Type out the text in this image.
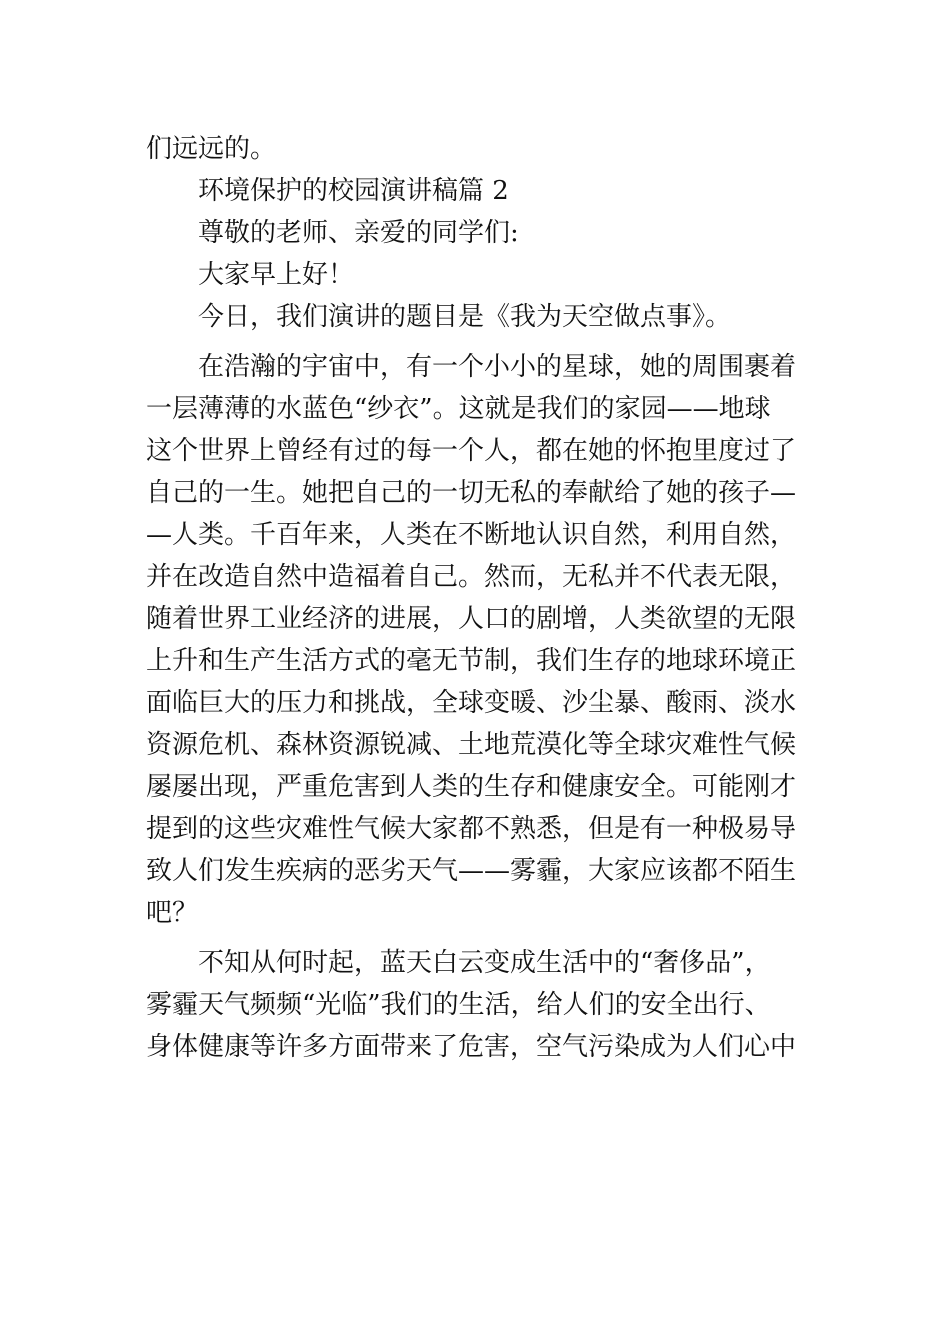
们远远的。
环境保护的校园演讲稿篇 2
尊敬的老师、亲爱的同学们:
大家早上好！
今日，我们演讲的题目是《我为天空做点事》。
在浩瀚的宇宙中，有一个小小的星球，她的周围裹着
一层薄薄的水蓝色“纱衣”。这就是我们的家园——地球
这个世界上曾经有过的每一个人，都在她的怀抱里度过了
自己的一生。她把自己的一切无私的奉献给了她的孩子—
—人类。千百年来，人类在不断地认识自然，利用自然，
并在改造自然中造福着自己。然而，无私并不代表无限，
随着世界工业经济的进展，人口的剧增，人类欲望的无限
上升和生产生活方式的毫无节制，我们生存的地球环境正
面临巨大的压力和挑战，全球变暖、沙尘暴、酸雨、淡水
资源危机、森林资源锐减、土地荒漠化等全球灾难性气候
屡屡出现，严重危害到人类的生存和健康安全。可能刚才
提到的这些灾难性气候大家都不熟悉，但是有一种极易导
致人们发生疾病的恶劣天气——雾霾，大家应该都不陌生
吧？
不知从何时起，蓝天白云变成生活中的“奢侈品”，
雾霾天气频频“光临”我们的生活，给人们的安全出行、
身体健康等许多方面带来了危害，空气污染成为人们心中
